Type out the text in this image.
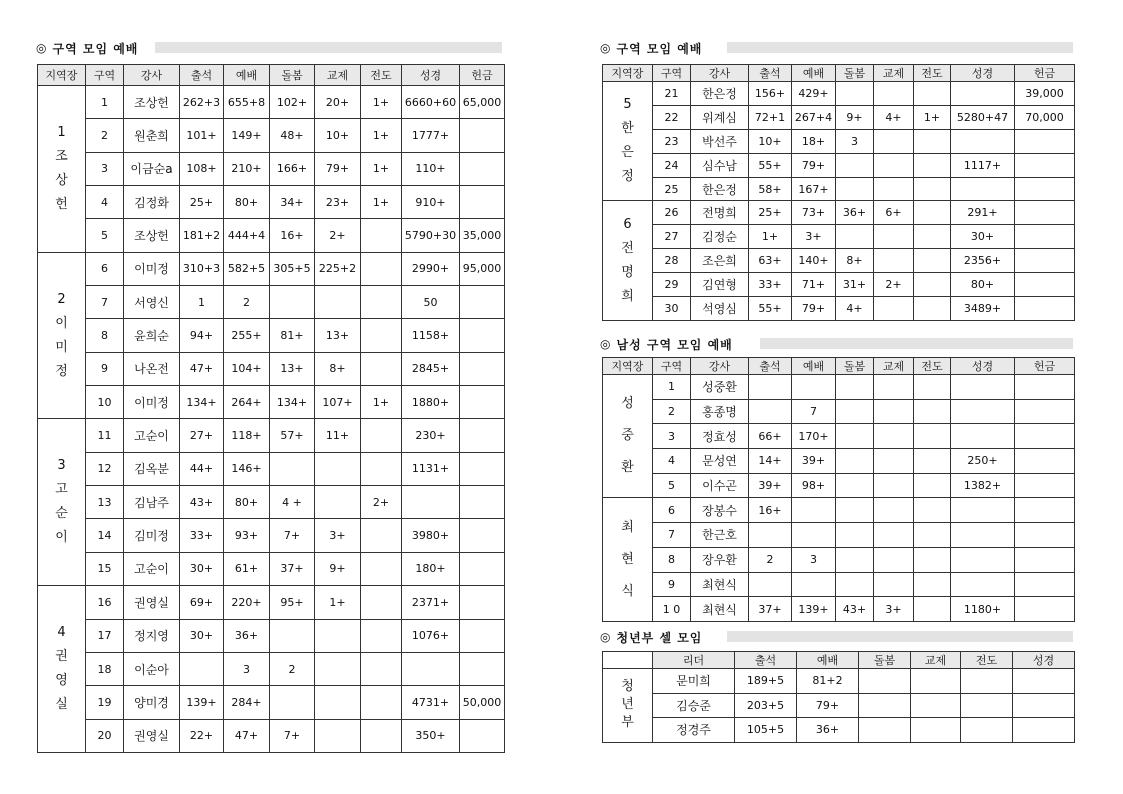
◎ 구역 모임 예배
지역장	구역	강사	출석	예배	돌봄	교제	전도	성경	헌금

1
조
상
헌	1	조상헌	262+3	655+8	102+	20+	1+	6660+60	65,000
	2	원춘희	101+	149+	48+	10+	1+	1777+	
	3	이금순a	108+	210+	166+	79+	1+	110+	
	4	김정화	25+	80+	34+	23+	1+	910+	
	5	조상헌	181+2	444+4	16+	2+		5790+30	35,000

2
이
미
정	6	이미정	310+3	582+5	305+5	225+2		2990+	95,000
	7	서영신	1	2				50	
	8	윤희순	94+	255+	81+	13+		1158+	
	9	나온전	47+	104+	13+	8+		2845+	
	10	이미정	134+	264+	134+	107+	1+	1880+	

3
고
순
이	11	고순이	27+	118+	57+	11+		230+	
	12	김옥분	44+	146+				1131+	
	13	김남주	43+	80+	4 +		2+		
	14	김미정	33+	93+	7+	3+		3980+	
	15	고순이	30+	61+	37+	9+		180+	

4
권
영
실	16	권영실	69+	220+	95+	1+		2371+	
	17	정지영	30+	36+				1076+	
	18	이순아		3	2				
	19	양미경	139+	284+				4731+	50,000
	20	권영실	22+	47+	7+			350+	
◎ 구역 모임 예배
지역장	구역	강사	출석	예배	돌봄	교제	전도	성경	헌금

5
한
은
정	21	한은정	156+	429+					39,000
	22	위계심	72+1	267+4	9+	4+	1+	5280+47	70,000
	23	박선주	10+	18+	3				
	24	심수남	55+	79+				1117+	
	25	한은정	58+	167+					

6
전
명
희	26	전명희	25+	73+	36+	6+		291+	
	27	김정순	1+	3+				30+	
	28	조은희	63+	140+	8+			2356+	
	29	김연형	33+	71+	31+	2+		80+	
	30	석영심	55+	79+	4+			3489+	
◎ 남성 구역 모임 예배
지역장	구역	강사	출석	예배	돌봄	교제	전도	성경	헌금

성
중
환	1	성중환							
	2	홍종명		7					
	3	정효성	66+	170+					
	4	문성연	14+	39+				250+	
	5	이수곤	39+	98+				1382+	

최
현
식	6	장봉수	16+						
	7	한근호							
	8	장우환	2	3					
	9	최현식							
	1 0	최현식	37+	139+	43+	3+		1180+	
◎ 청년부 셀 모임
	리더	출석	예배	돌봄	교제	전도	성경

청
년
부	문미희	189+5	81+2				
	김승준	203+5	79+				
	정경주	105+5	36+				
